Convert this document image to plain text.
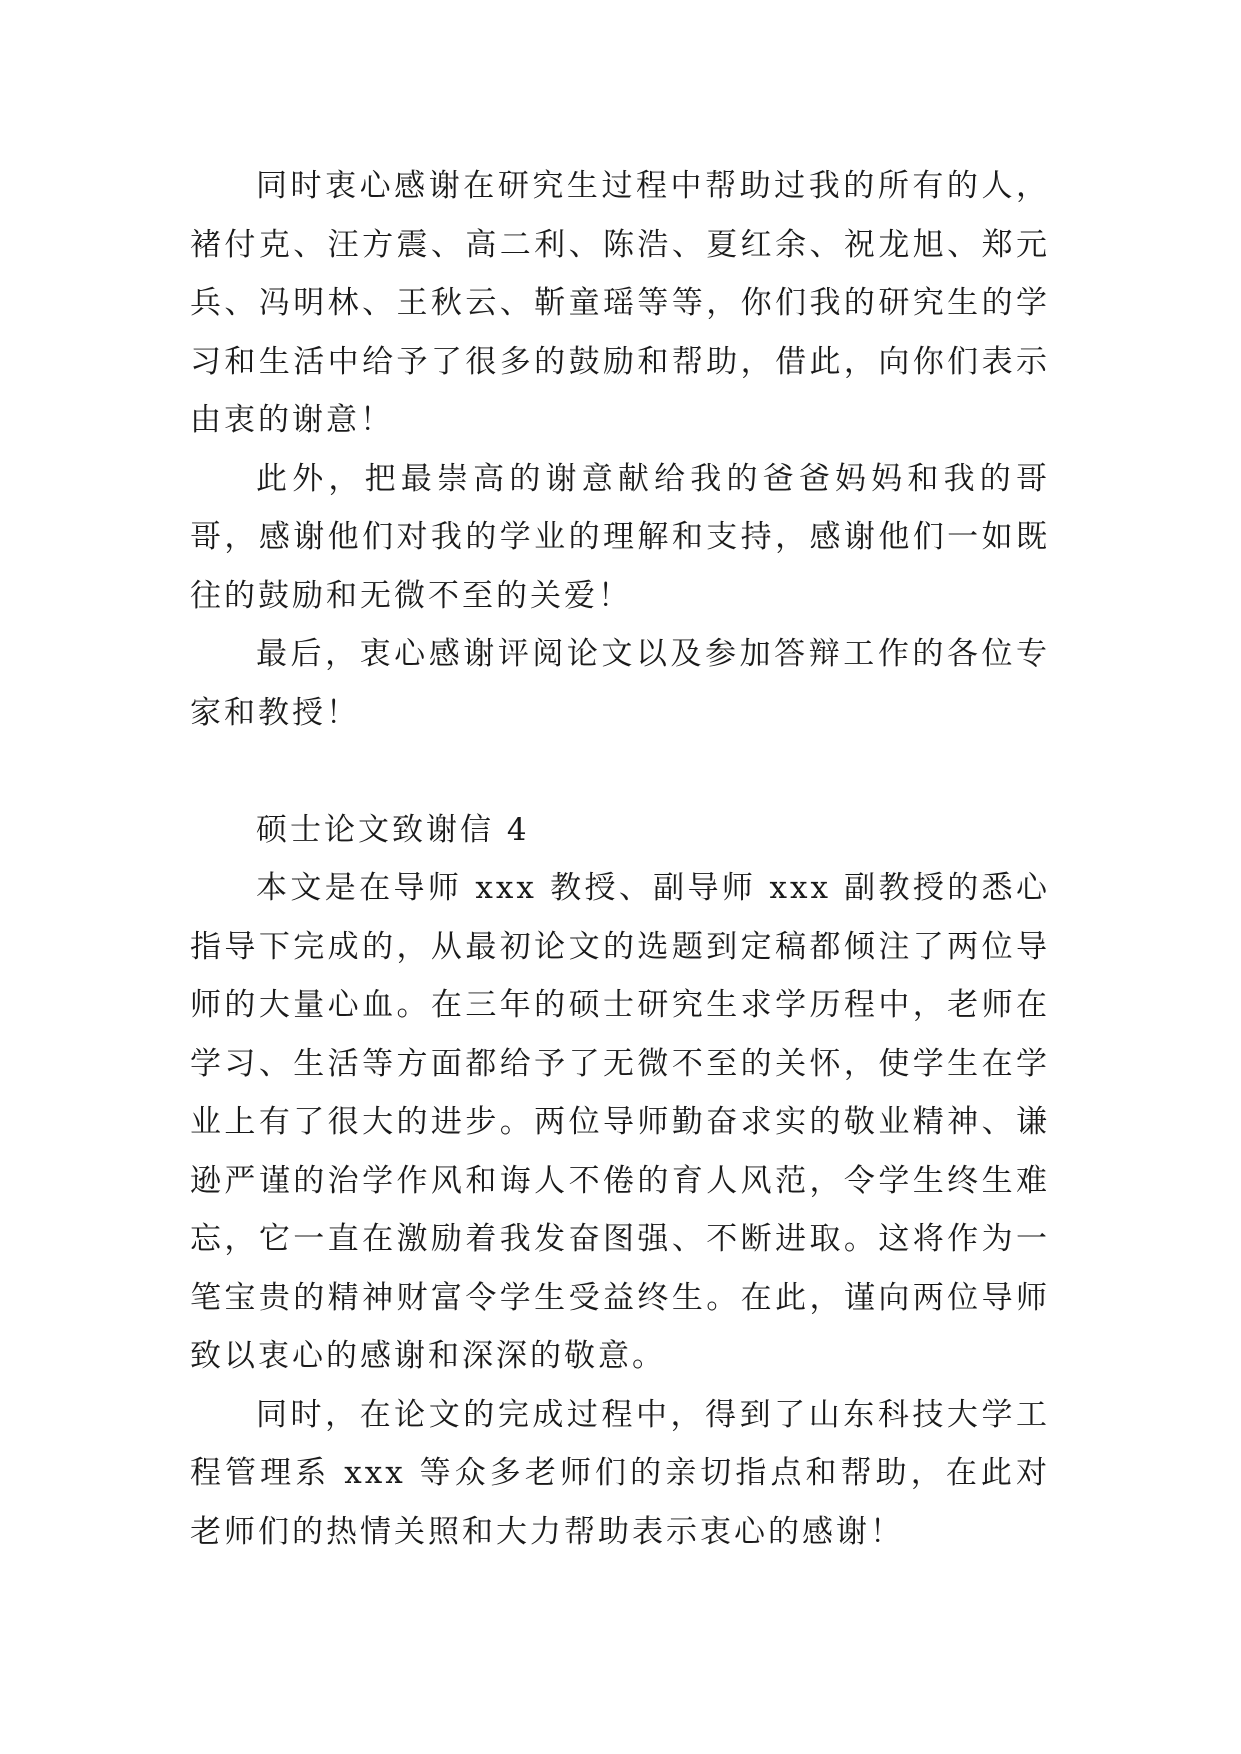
同时衷心感谢在研究生过程中帮助过我的所有的人，褚付克、汪方震、高二利、陈浩、夏红余、祝龙旭、郑元兵、冯明林、王秋云、靳童瑶等等，你们我的研究生的学习和生活中给予了很多的鼓励和帮助，借此，向你们表示由衷的谢意！

此外，把最崇高的谢意献给我的爸爸妈妈和我的哥哥，感谢他们对我的学业的理解和支持，感谢他们一如既往的鼓励和无微不至的关爱！

最后，衷心感谢评阅论文以及参加答辩工作的各位专家和教授！

硕士论文致谢信 4

本文是在导师 xxx 教授、副导师 xxx 副教授的悉心指导下完成的，从最初论文的选题到定稿都倾注了两位导师的大量心血。在三年的硕士研究生求学历程中，老师在学习、生活等方面都给予了无微不至的关怀，使学生在学业上有了很大的进步。两位导师勤奋求实的敬业精神、谦逊严谨的治学作风和诲人不倦的育人风范，令学生终生难忘，它一直在激励着我发奋图强、不断进取。这将作为一笔宝贵的精神财富令学生受益终生。在此，谨向两位导师致以衷心的感谢和深深的敬意。

同时，在论文的完成过程中，得到了山东科技大学工程管理系 xxx 等众多老师们的亲切指点和帮助，在此对老师们的热情关照和大力帮助表示衷心的感谢！
